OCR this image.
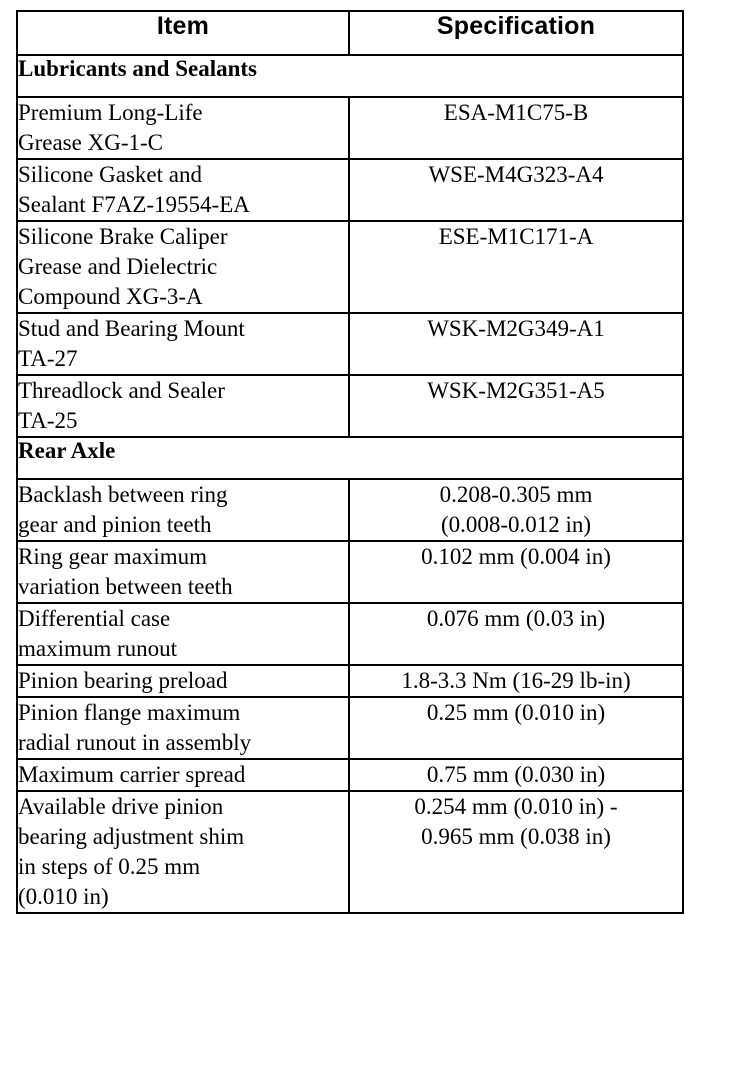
Item	Specification
Lubricants and Sealants	

Premium Long-Life
Grease XG-1-C	ESA-M1C75-B

Silicone Gasket and
Sealant F7AZ-19554-EA	WSE-M4G323-A4

Silicone Brake Caliper
Grease and Dielectric
Compound XG-3-A	ESE-M1C171-A

Stud and Bearing Mount
TA-27	WSK-M2G349-A1

Threadlock and Sealer
TA-25	WSK-M2G351-A5

Rear Axle	

Backlash between ring
gear and pinion teeth	0.208-0.305 mm
(0.008-0.012 in)

Ring gear maximum
variation between teeth	0.102 mm (0.004 in)

Differential case
maximum runout	0.076 mm (0.03 in)

Pinion bearing preload	1.8-3.3 Nm (16-29 lb-in)

Pinion flange maximum
radial runout in assembly	0.25 mm (0.010 in)

Maximum carrier spread	0.75 mm (0.030 in)

Available drive pinion
bearing adjustment shim
in steps of 0.25 mm
(0.010 in)	0.254 mm (0.010 in) -
0.965 mm (0.038 in)
